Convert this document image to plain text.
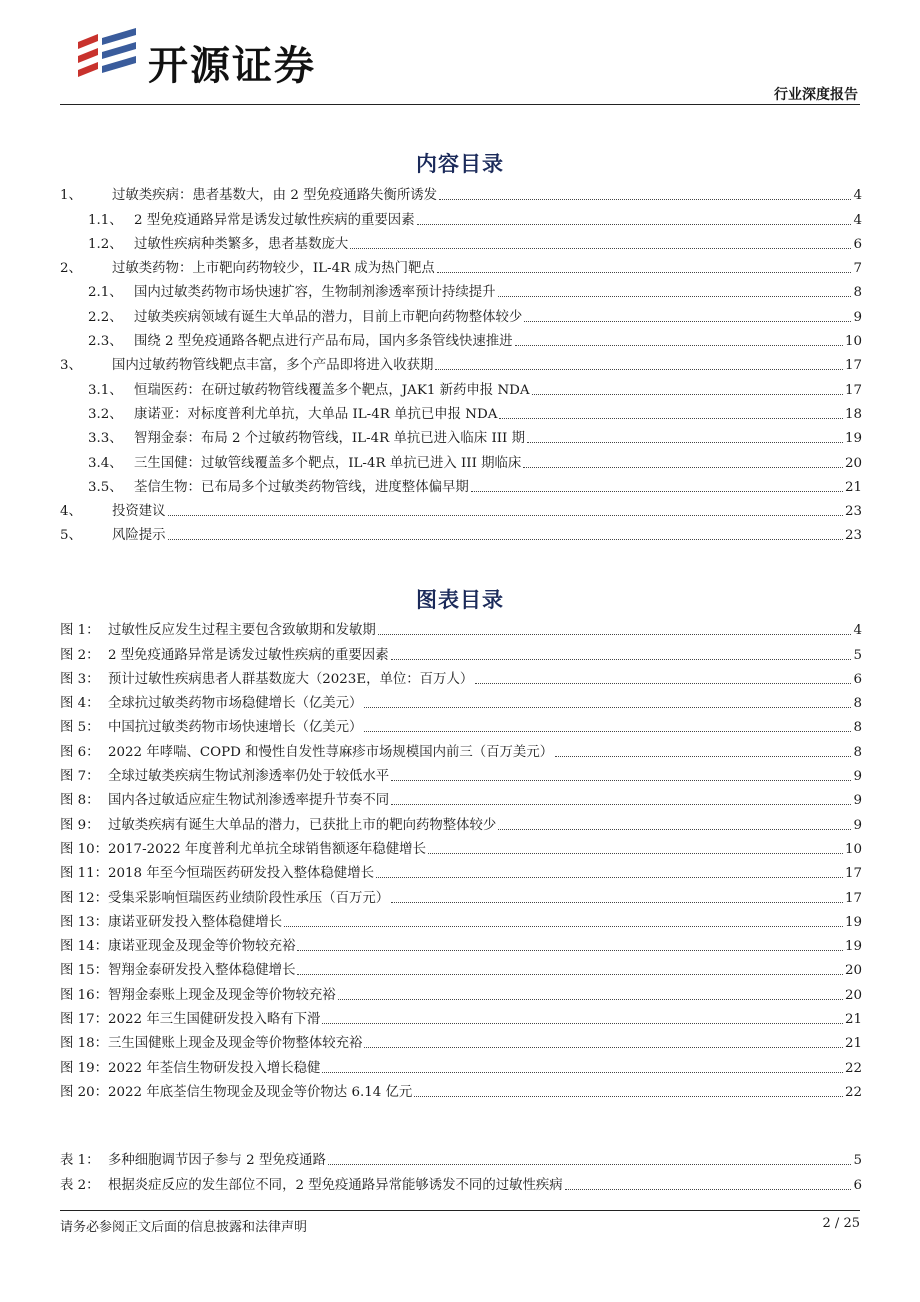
开源证券
行业深度报告
内容目录
1、	过敏类疾病：患者基数大，由 2 型免疫通路失衡所诱发	4
1.1、 2 型免疫通路异常是诱发过敏性疾病的重要因素	4
1.2、 过敏性疾病种类繁多，患者基数庞大	6
2、	过敏类药物：上市靶向药物较少，IL-4R 成为热门靶点	7
2.1、 国内过敏类药物市场快速扩容，生物制剂渗透率预计持续提升	8
2.2、 过敏类疾病领域有诞生大单品的潜力，目前上市靶向药物整体较少	9
2.3、 围绕 2 型免疫通路各靶点进行产品布局，国内多条管线快速推进	10
3、	国内过敏药物管线靶点丰富，多个产品即将进入收获期	17
3.1、 恒瑞医药：在研过敏药物管线覆盖多个靶点，JAK1 新药申报 NDA	17
3.2、 康诺亚：对标度普利尤单抗，大单品 IL-4R 单抗已申报 NDA	18
3.3、 智翔金泰：布局 2 个过敏药物管线，IL-4R 单抗已进入临床 III 期	19
3.4、 三生国健：过敏管线覆盖多个靶点，IL-4R 单抗已进入 III 期临床	20
3.5、 荃信生物：已布局多个过敏类药物管线，进度整体偏早期	21
4、	投资建议	23
5、	风险提示	23
图表目录
图 1： 过敏性反应发生过程主要包含致敏期和发敏期	4
图 2： 2 型免疫通路异常是诱发过敏性疾病的重要因素	5
图 3： 预计过敏性疾病患者人群基数庞大（2023E，单位：百万人）	6
图 4： 全球抗过敏类药物市场稳健增长（亿美元）	8
图 5： 中国抗过敏类药物市场快速增长（亿美元）	8
图 6： 2022 年哮喘、COPD 和慢性自发性荨麻疹市场规模国内前三（百万美元）	8
图 7： 全球过敏类疾病生物试剂渗透率仍处于较低水平	9
图 8： 国内各过敏适应症生物试剂渗透率提升节奏不同	9
图 9： 过敏类疾病有诞生大单品的潜力，已获批上市的靶向药物整体较少	9
图 10： 2017-2022 年度普利尤单抗全球销售额逐年稳健增长	10
图 11： 2018 年至今恒瑞医药研发投入整体稳健增长	17
图 12： 受集采影响恒瑞医药业绩阶段性承压（百万元）	17
图 13： 康诺亚研发投入整体稳健增长	19
图 14： 康诺亚现金及现金等价物较充裕	19
图 15： 智翔金泰研发投入整体稳健增长	20
图 16： 智翔金泰账上现金及现金等价物较充裕	20
图 17： 2022 年三生国健研发投入略有下滑	21
图 18： 三生国健账上现金及现金等价物整体较充裕	21
图 19： 2022 年荃信生物研发投入增长稳健	22
图 20： 2022 年底荃信生物现金及现金等价物达 6.14 亿元	22
表 1： 多种细胞调节因子参与 2 型免疫通路	5
表 2： 根据炎症反应的发生部位不同，2 型免疫通路异常能够诱发不同的过敏性疾病	6
请务必参阅正文后面的信息披露和法律声明	2 / 25
